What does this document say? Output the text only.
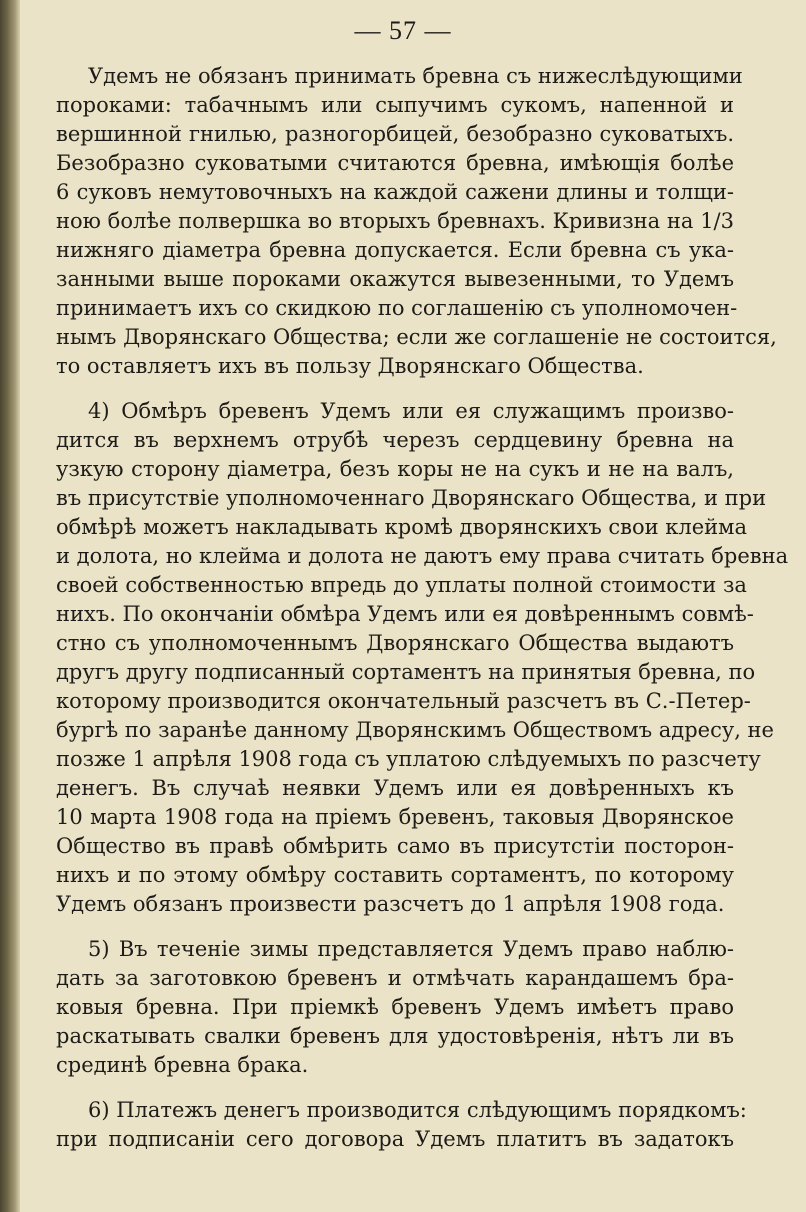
— 57 —
Удемъ не обязанъ принимать бревна съ нижеслѣдующими
пороками: табачнымъ или сыпучимъ сукомъ, напенной и
вершинной гнилью, разногорбицей, безобразно суковатыхъ.
Безобразно суковатыми считаются бревна, имѣющія болѣе
6 суковъ немутовочныхъ на каждой сажени длины и толщи-
ною болѣе полвершка во вторыхъ бревнахъ. Кривизна на 1/3
нижняго діаметра бревна допускается. Если бревна съ ука-
занными выше пороками окажутся вывезенными, то Удемъ
принимаетъ ихъ со скидкою по соглашенію съ уполномочен-
нымъ Дворянскаго Общества; если же соглашеніе не состоится,
то оставляетъ ихъ въ пользу Дворянскаго Общества.
4) Обмѣръ бревенъ Удемъ или ея служащимъ произво-
дится въ верхнемъ отрубѣ черезъ сердцевину бревна на
узкую сторону діаметра, безъ коры не на сукъ и не на валъ,
въ присутствіе уполномоченнаго Дворянскаго Общества, и при
обмѣрѣ можетъ накладывать кромѣ дворянскихъ свои клейма
и долота, но клейма и долота не даютъ ему права считать бревна
своей собственностью впредь до уплаты полной стоимости за
нихъ. По окончаніи обмѣра Удемъ или ея довѣреннымъ совмѣ-
стно съ уполномоченнымъ Дворянскаго Общества выдаютъ
другъ другу подписанный сортаментъ на принятыя бревна, по
которому производится окончательный разсчетъ въ С.-Петер-
бургѣ по заранѣе данному Дворянскимъ Обществомъ адресу, не
позже 1 апрѣля 1908 года съ уплатою слѣдуемыхъ по разсчету
денегъ. Въ случаѣ неявки Удемъ или ея довѣренныхъ къ
10 марта 1908 года на пріемъ бревенъ, таковыя Дворянское
Общество въ правѣ обмѣрить само въ присутстіи посторон-
нихъ и по этому обмѣру составить сортаментъ, по которому
Удемъ обязанъ произвести разсчетъ до 1 апрѣля 1908 года.
5) Въ теченіе зимы представляется Удемъ право наблю-
дать за заготовкою бревенъ и отмѣчать карандашемъ бра-
ковыя бревна. При пріемкѣ бревенъ Удемъ имѣетъ право
раскатывать свалки бревенъ для удостовѣренія, нѣтъ ли въ
срединѣ бревна брака.
6) Платежъ денегъ производится слѣдующимъ порядкомъ:
при подписаніи сего договора Удемъ платитъ въ задатокъ
